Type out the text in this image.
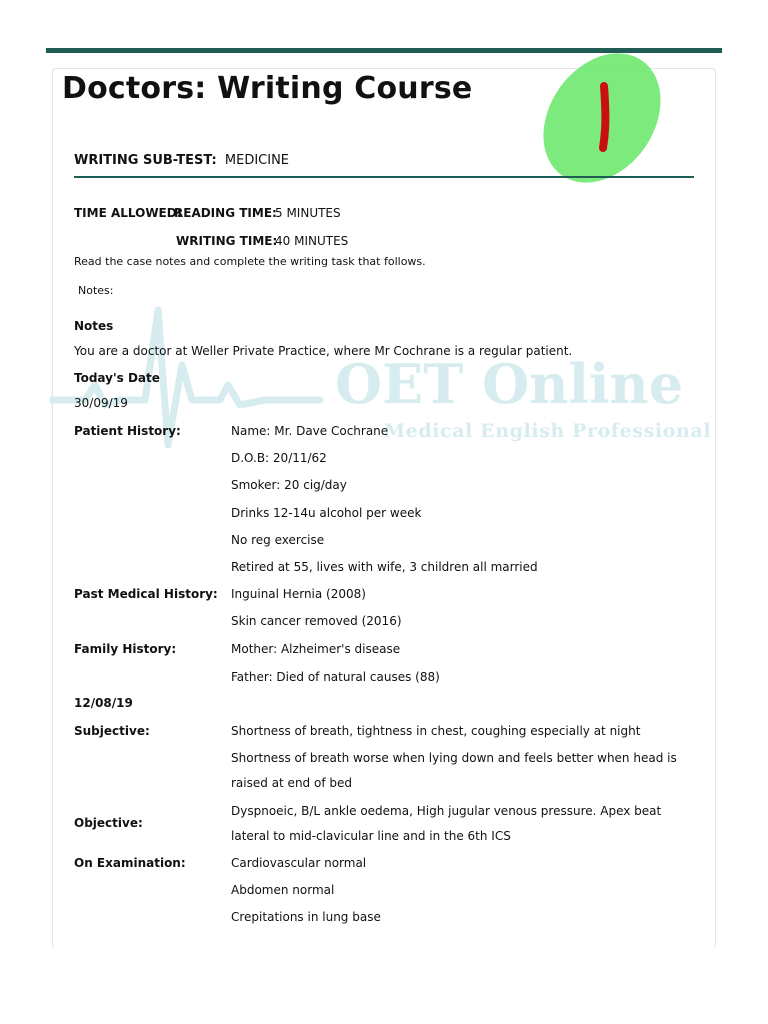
OET Online
Medical English Professional
Doctors: Writing Course
WRITING SUB-TEST: MEDICINE
TIME ALLOWED:
READING TIME:
5 MINUTES
WRITING TIME:
40 MINUTES
Read the case notes and complete the writing task that follows.
Notes:
Notes
You are a doctor at Weller Private Practice, where Mr Cochrane is a regular patient.
Today's Date
30/09/19
Patient History:	Name: Mr. Dave Cochrane
D.O.B: 20/11/62
Smoker: 20 cig/day
Drinks 12-14u alcohol per week
No reg exercise
Retired at 55, lives with wife, 3 children all married
Past Medical History: Inguinal Hernia (2008)
Skin cancer removed (2016)
Family History:	Mother: Alzheimer's disease
Father: Died of natural causes (88)
12/08/19
Subjective:	Shortness of breath, tightness in chest, coughing especially at night
Shortness of breath worse when lying down and feels better when head is
raised at end of bed
Objective:
Dyspnoeic, B/L ankle oedema, High jugular venous pressure. Apex beat
lateral to mid-clavicular line and in the 6th ICS
On Examination:	Cardiovascular normal
Abdomen normal
Crepitations in lung base
